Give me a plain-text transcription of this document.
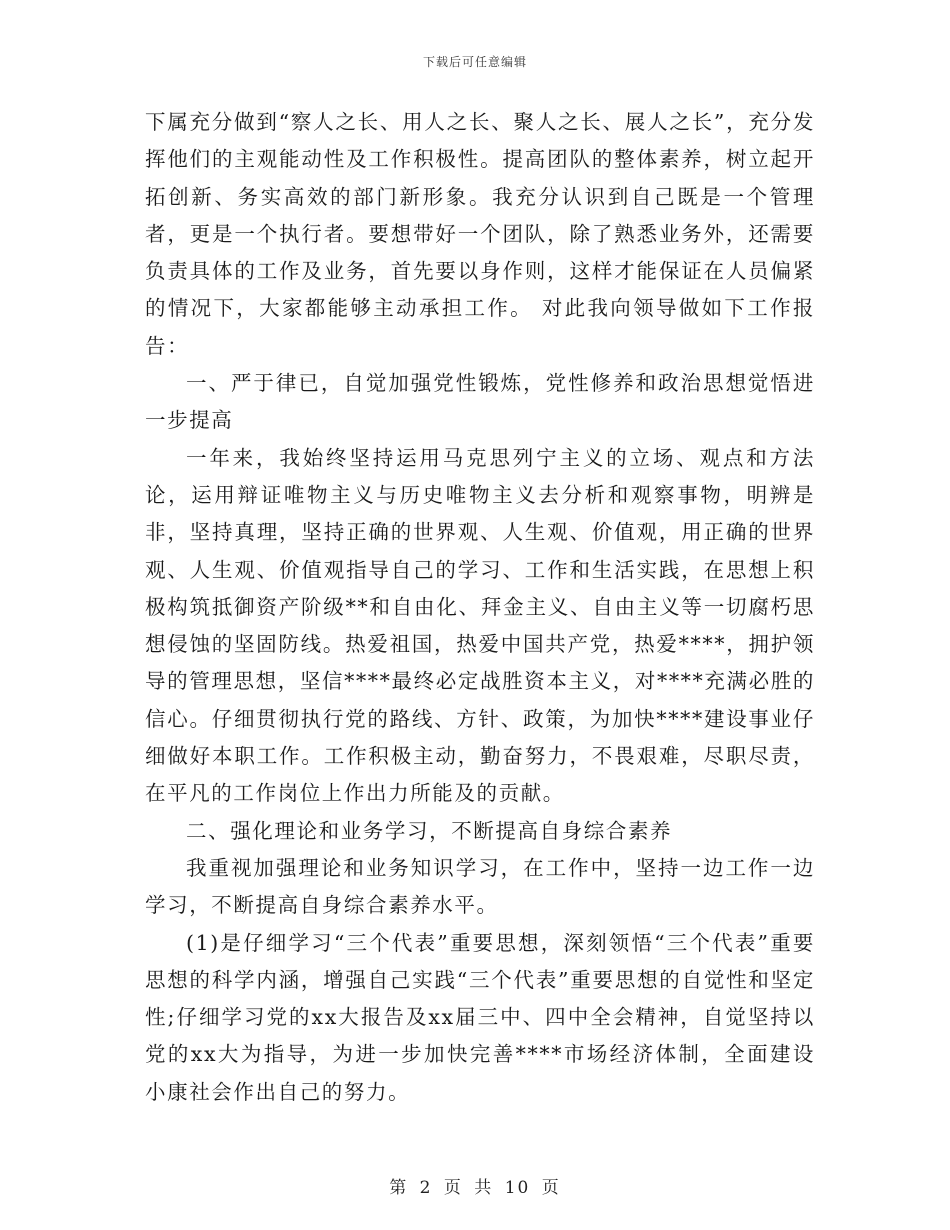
下载后可任意编辑

下属充分做到“察人之长、用人之长、聚人之长、展人之长”，充分发挥他们的主观能动性及工作积极性。提高团队的整体素养，树立起开拓创新、务实高效的部门新形象。我充分认识到自己既是一个管理者，更是一个执行者。要想带好一个团队，除了熟悉业务外，还需要负责具体的工作及业务，首先要以身作则，这样才能保证在人员偏紧的情况下，大家都能够主动承担工作。 对此我向领导做如下工作报告：

一、严于律已，自觉加强党性锻炼，党性修养和政治思想觉悟进一步提高

一年来，我始终坚持运用马克思列宁主义的立场、观点和方法论，运用辩证唯物主义与历史唯物主义去分析和观察事物，明辨是非，坚持真理，坚持正确的世界观、人生观、价值观，用正确的世界观、人生观、价值观指导自己的学习、工作和生活实践，在思想上积极构筑抵御资产阶级**和自由化、拜金主义、自由主义等一切腐朽思想侵蚀的坚固防线。热爱祖国，热爱中国共产党，热爱****，拥护领导的管理思想，坚信****最终必定战胜资本主义，对****充满必胜的信心。仔细贯彻执行党的路线、方针、政策，为加快****建设事业仔细做好本职工作。工作积极主动，勤奋努力，不畏艰难，尽职尽责，在平凡的工作岗位上作出力所能及的贡献。

二、强化理论和业务学习，不断提高自身综合素养

我重视加强理论和业务知识学习，在工作中，坚持一边工作一边学习，不断提高自身综合素养水平。

(1)是仔细学习“三个代表”重要思想，深刻领悟“三个代表”重要思想的科学内涵，增强自己实践“三个代表”重要思想的自觉性和坚定性;仔细学习党的xx大报告及xx届三中、四中全会精神，自觉坚持以党的xx大为指导，为进一步加快完善****市场经济体制，全面建设小康社会作出自己的努力。

第 2 页 共 10 页
